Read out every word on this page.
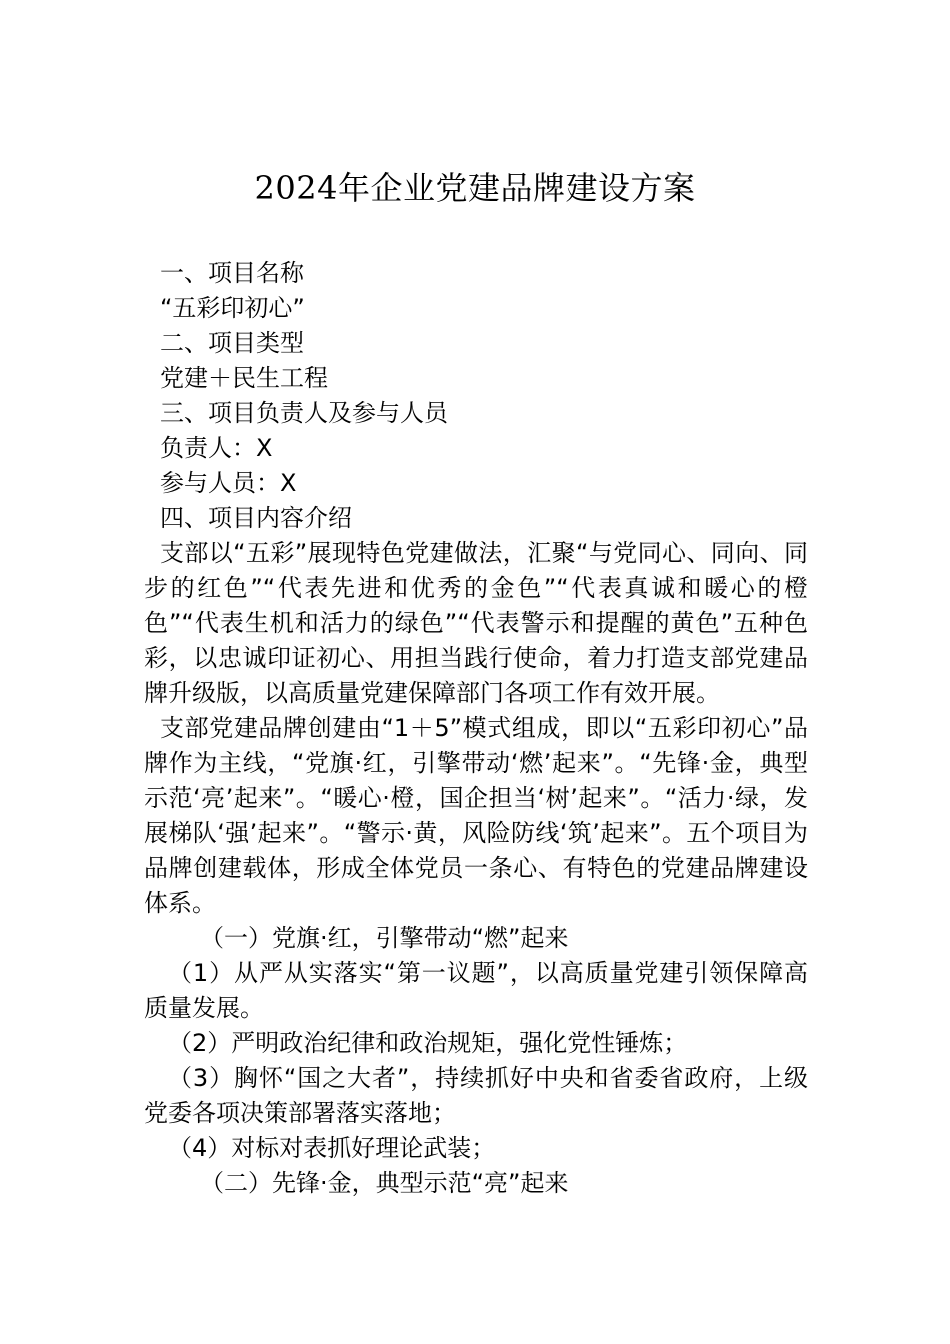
2024年企业党建品牌建设方案

一、项目名称

“五彩印初心”

二、项目类型

党建＋民生工程

三、项目负责人及参与人员

负责人：X

参与人员：X

四、项目内容介绍

支部以“五彩”展现特色党建做法，汇聚“与党同心、同向、同步的红色”“代表先进和优秀的金色”“代表真诚和暖心的橙色”“代表生机和活力的绿色”“代表警示和提醒的黄色”五种色彩，以忠诚印证初心、用担当践行使命，着力打造支部党建品牌升级版，以高质量党建保障部门各项工作有效开展。

支部党建品牌创建由“1＋5”模式组成，即以“五彩印初心”品牌作为主线，“党旗·红，引擎带动‘燃’起来”。“先锋·金，典型示范‘亮’起来”。“暖心·橙，国企担当‘树’起来”。“活力·绿，发展梯队‘强’起来”。“警示·黄，风险防线‘筑’起来”。五个项目为品牌创建载体，形成全体党员一条心、有特色的党建品牌建设体系。

（一）党旗·红，引擎带动“燃”起来

（1）从严从实落实“第一议题”，以高质量党建引领保障高质量发展。

（2）严明政治纪律和政治规矩，强化党性锤炼；

（3）胸怀“国之大者”，持续抓好中央和省委省政府，上级党委各项决策部署落实落地；

（4）对标对表抓好理论武装；

（二）先锋·金，典型示范“亮”起来
